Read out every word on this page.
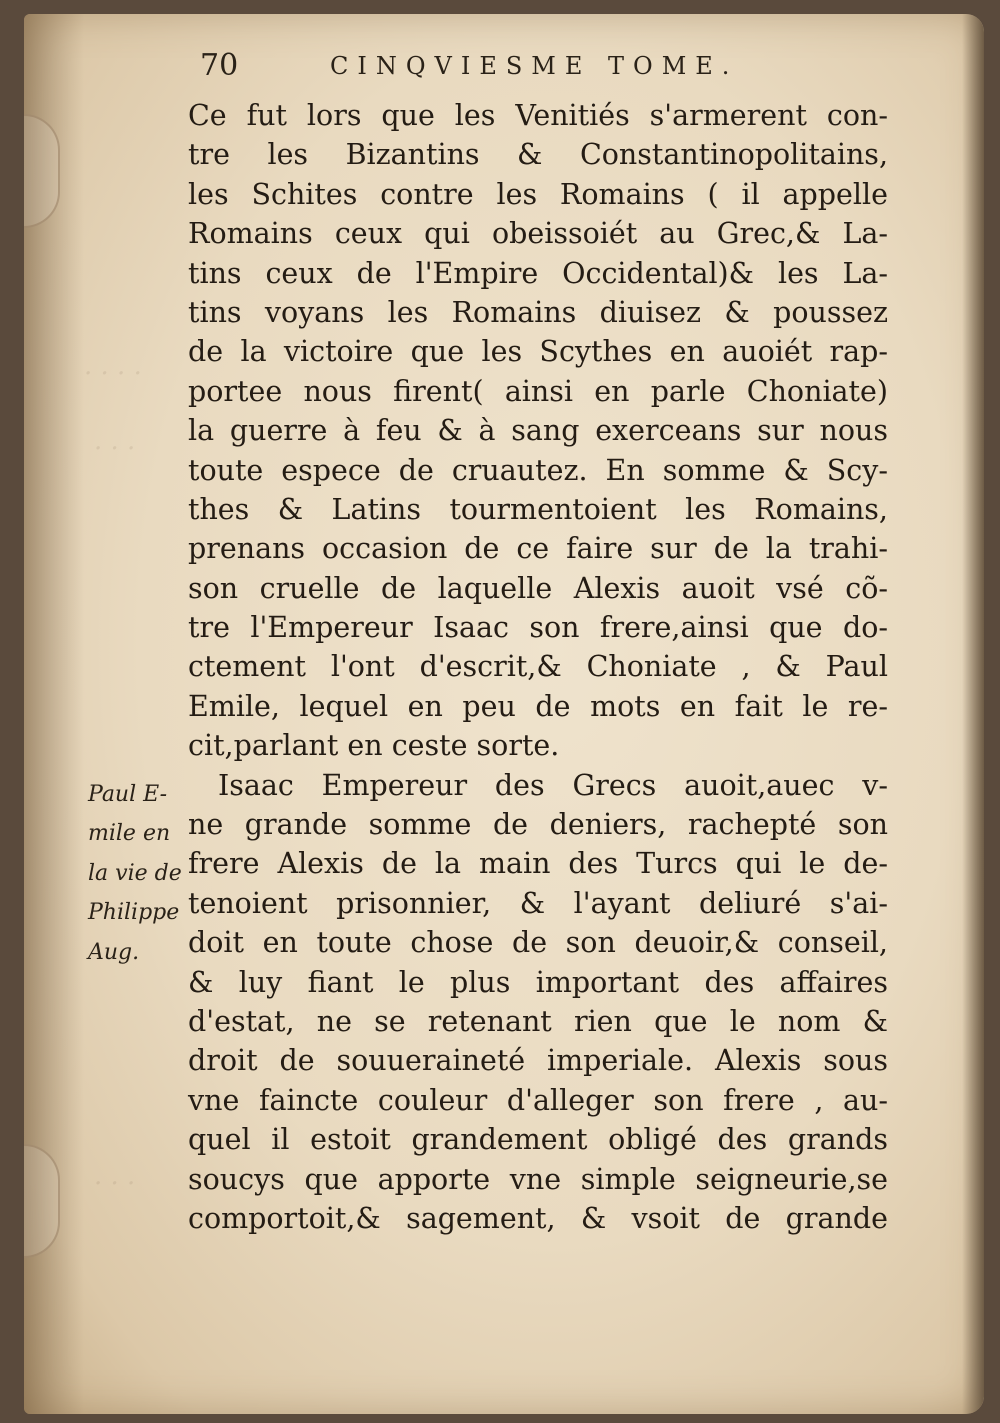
· · · ·
· · ·
· · ·
70	CINQVIESME TOME.
Ce fut lors que les Venitiés s'armerent con-
tre les Bizantins & Constantinopolitains,
les Schites contre les Romains ( il appelle
Romains ceux qui obeissoiét au Grec,& La-
tins ceux de l'Empire Occidental)& les La-
tins voyans les Romains diuisez & poussez
de la victoire que les Scythes en auoiét rap-
portee nous firent( ainsi en parle Choniate)
la guerre à feu & à sang exerceans sur nous
toute espece de cruautez. En somme & Scy-
thes & Latins tourmentoient les Romains,
prenans occasion de ce faire sur de la trahi-
son cruelle de laquelle Alexis auoit vsé cõ-
tre l'Empereur Isaac son frere,ainsi que do-
ctement l'ont d'escrit,& Choniate , & Paul
Emile, lequel en peu de mots en fait le re-
cit,parlant en ceste sorte.
Isaac Empereur des Grecs auoit,auec v-
ne grande somme de deniers, rachepté son
frere Alexis de la main des Turcs qui le de-
tenoient prisonnier, & l'ayant deliuré s'ai-
doit en toute chose de son deuoir,& conseil,
& luy fiant le plus important des affaires
d'estat, ne se retenant rien que le nom &
droit de souueraineté imperiale. Alexis sous
vne faincte couleur d'alleger son frere , au-
quel il estoit grandement obligé des grands
soucys que apporte vne simple seigneurie,se
comportoit,& sagement, & vsoit de grande
Paul E-
mile en
la vie de
Philippe
Aug.
